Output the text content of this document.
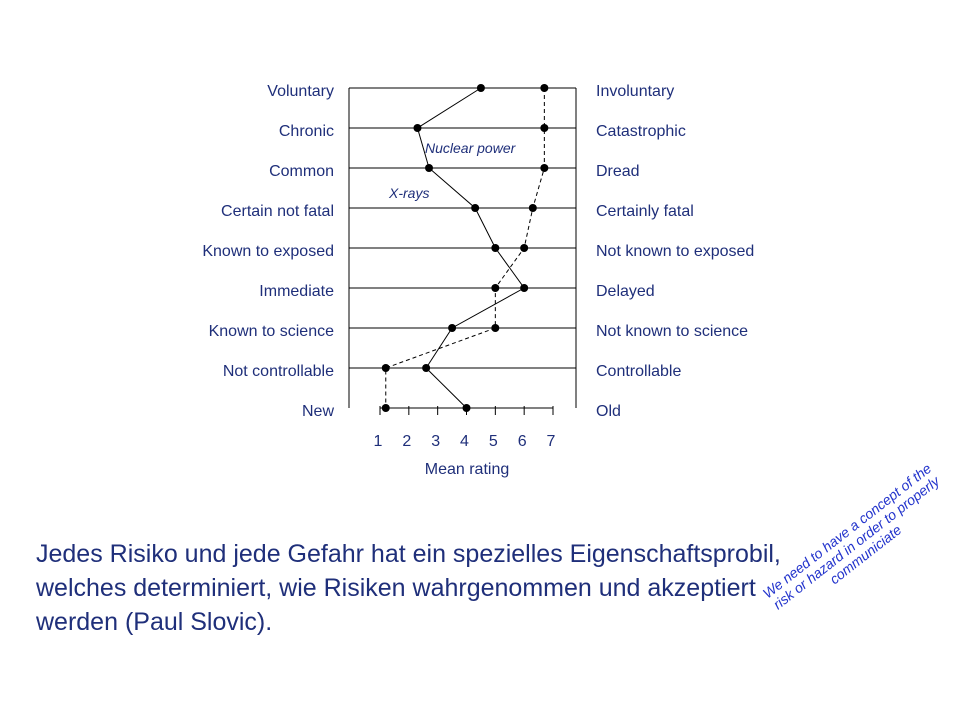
Voluntary
Chronic
Common
Certain not fatal
Known to exposed
Immediate
Known to science
Not controllable
New
Involuntary
Catastrophic
Dread
Certainly fatal
Not known to exposed
Delayed
Not known to science
Controllable
Old
1 2 3 4 5 6 7
Mean rating
Nuclear power
X-rays

Jedes Risiko und jede Gefahr hat ein spezielles Eigenschaftsprobil, welches determiniert, wie Risiken wahrgenommen und akzeptiert werden (Paul Slovic).

We need to have a concept of the risk or hazard in order to properly communiciate
